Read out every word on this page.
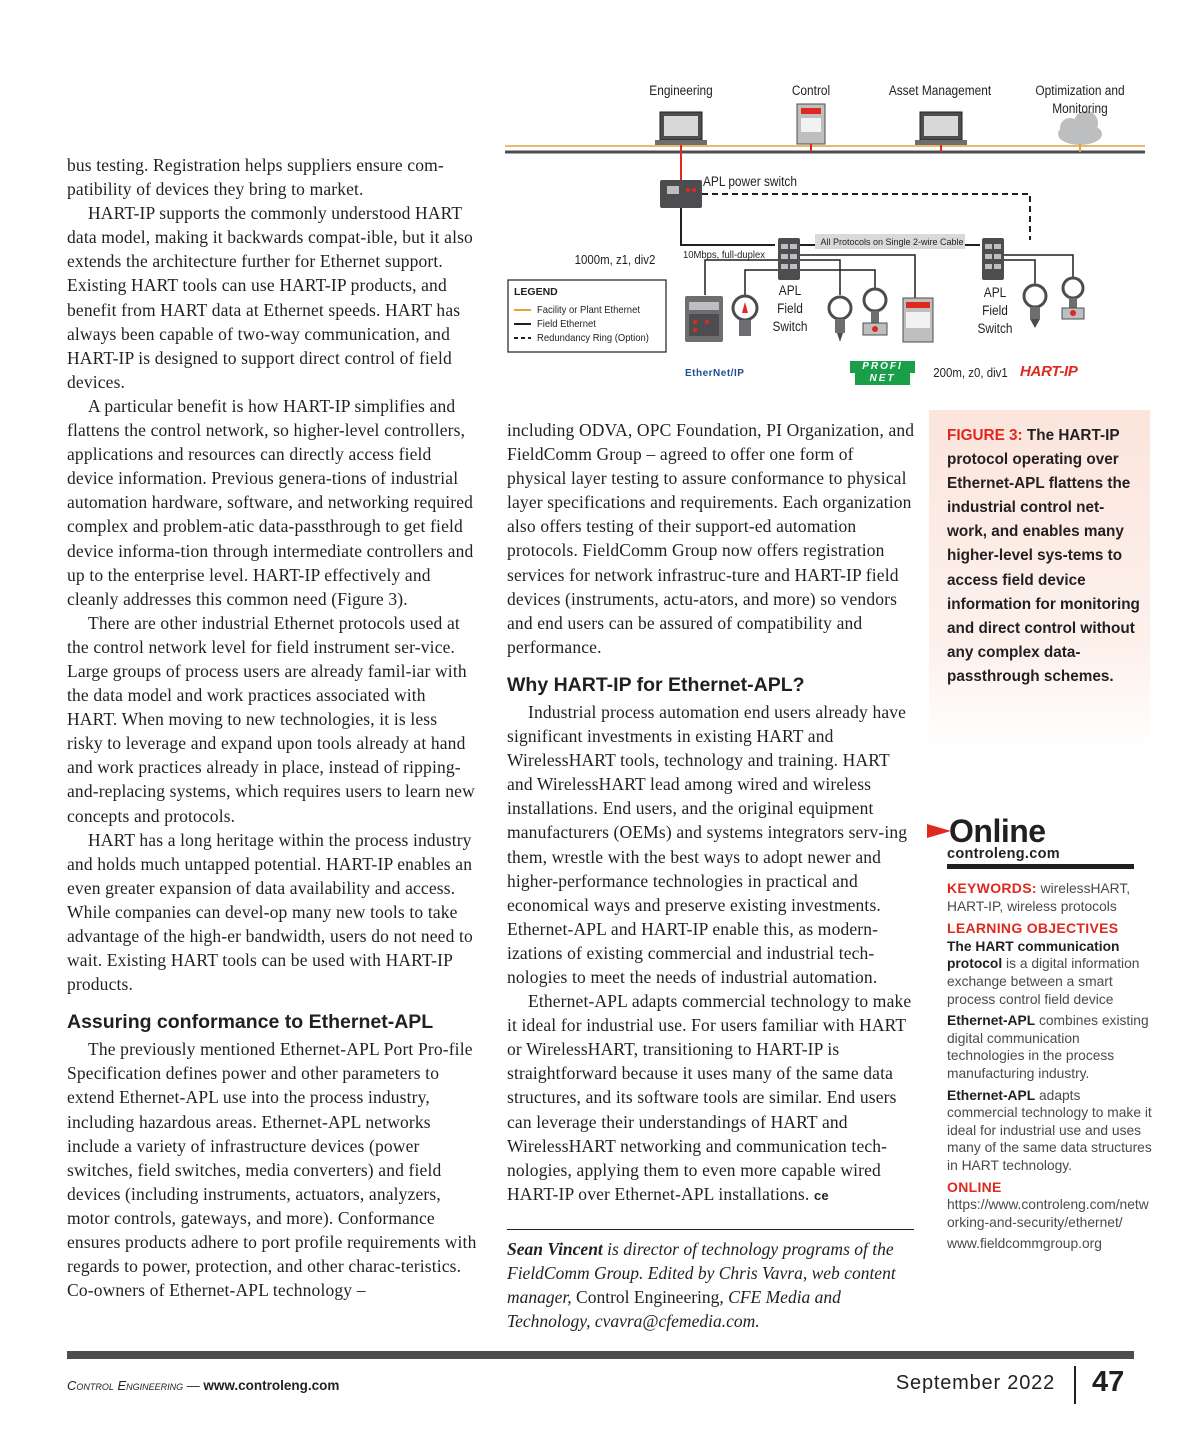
Engineering	Control	Asset Management	Optimization and
Monitoring
APL power switch
1000m, z1, div2	10Mbps, full-duplex
All Protocols on Single 2-wire Cable
APL
Field
Switch
APL
Field
Switch
LEGEND
Facility or Plant Ethernet
Field Ethernet
Redundancy Ring (Option)
EtherNet/IP
PROFI
NET	200m, z0, div1 HART-IP

bus testing. Registration helps suppliers ensure com-patibility of devices they bring to market.

HART-IP supports the commonly understood HART data model, making it backwards compat-ible, but it also extends the architecture further for Ethernet support. Existing HART tools can use HART-IP products, and benefit from HART data at Ethernet speeds. HART has always been capable of two-way communication, and HART-IP is designed to support direct control of field devices.

A particular benefit is how HART-IP simplifies and flattens the control network, so higher-level controllers, applications and resources can directly access field device information. Previous genera-tions of industrial automation hardware, software, and networking required complex and problem-atic data-passthrough to get field device informa-tion through intermediate controllers and up to the enterprise level. HART-IP effectively and cleanly addresses this common need (Figure 3).

There are other industrial Ethernet protocols used at the control network level for field instrument ser-vice. Large groups of process users are already famil-iar with the data model and work practices associated with HART. When moving to new technologies, it is less risky to leverage and expand upon tools already at hand and work practices already in place, instead of ripping-and-replacing systems, which requires users to learn new concepts and protocols.

HART has a long heritage within the process industry and holds much untapped potential. HART-IP enables an even greater expansion of data availability and access. While companies can devel-op many new tools to take advantage of the high-er bandwidth, users do not need to wait. Existing HART tools can be used with HART-IP products.

Assuring conformance to Ethernet-APL

The previously mentioned Ethernet-APL Port Pro-file Specification defines power and other parameters to extend Ethernet-APL use into the process industry, including hazardous areas. Ethernet-APL networks include a variety of infrastructure devices (power switches, field switches, media converters) and field devices (including instruments, actuators, analyzers, motor controls, gateways, and more). Conformance ensures products adhere to port profile requirements with regards to power, protection, and other charac-teristics. Co-owners of Ethernet-APL technology –

including ODVA, OPC Foundation, PI Organization, and FieldComm Group – agreed to offer one form of physical layer testing to assure conformance to physical layer specifications and requirements. Each organization also offers testing of their support-ed automation protocols. FieldComm Group now offers registration services for network infrastruc-ture and HART-IP field devices (instruments, actu-ators, and more) so vendors and end users can be assured of compatibility and performance.

Why HART-IP for Ethernet-APL?

Industrial process automation end users already have significant investments in existing HART and WirelessHART tools, technology and training. HART and WirelessHART lead among wired and wireless installations. End users, and the original equipment manufacturers (OEMs) and systems integrators serv-ing them, wrestle with the best ways to adopt newer and higher-performance technologies in practical and economical ways and preserve existing investments. Ethernet-APL and HART-IP enable this, as modern-izations of existing commercial and industrial tech-nologies to meet the needs of industrial automation.

Ethernet-APL adapts commercial technology to make it ideal for industrial use. For users familiar with HART or WirelessHART, transitioning to HART-IP is straightforward because it uses many of the same data structures, and its software tools are similar. End users can leverage their understandings of HART and WirelessHART networking and communication tech-nologies, applying them to even more capable wired HART-IP over Ethernet-APL installations. ce

Sean Vincent is director of technology programs of the FieldComm Group. Edited by Chris Vavra, web content manager, Control Engineering, CFE Media and Technology, cvavra@cfemedia.com.

FIGURE 3: The HART-IP protocol operating over Ethernet-APL flattens the industrial control net-work, and enables many higher-level sys-tems to access field device information for monitoring and direct control without any complex data-passthrough schemes.

Online
controleng.com
KEYWORDS: wirelessHART, HART-IP, wireless protocols
LEARNING OBJECTIVES
The HART communication protocol is a digital information exchange between a smart process control field device
Ethernet-APL combines existing digital communication technologies in the process manufacturing industry.
Ethernet-APL adapts commercial technology to make it ideal for industrial use and uses many of the same data structures in HART technology.
ONLINE
https://www.controleng.com/networking-and-security/ethernet/
www.fieldcommgroup.org
Control Engineering — www.controleng.com	September 2022 47
